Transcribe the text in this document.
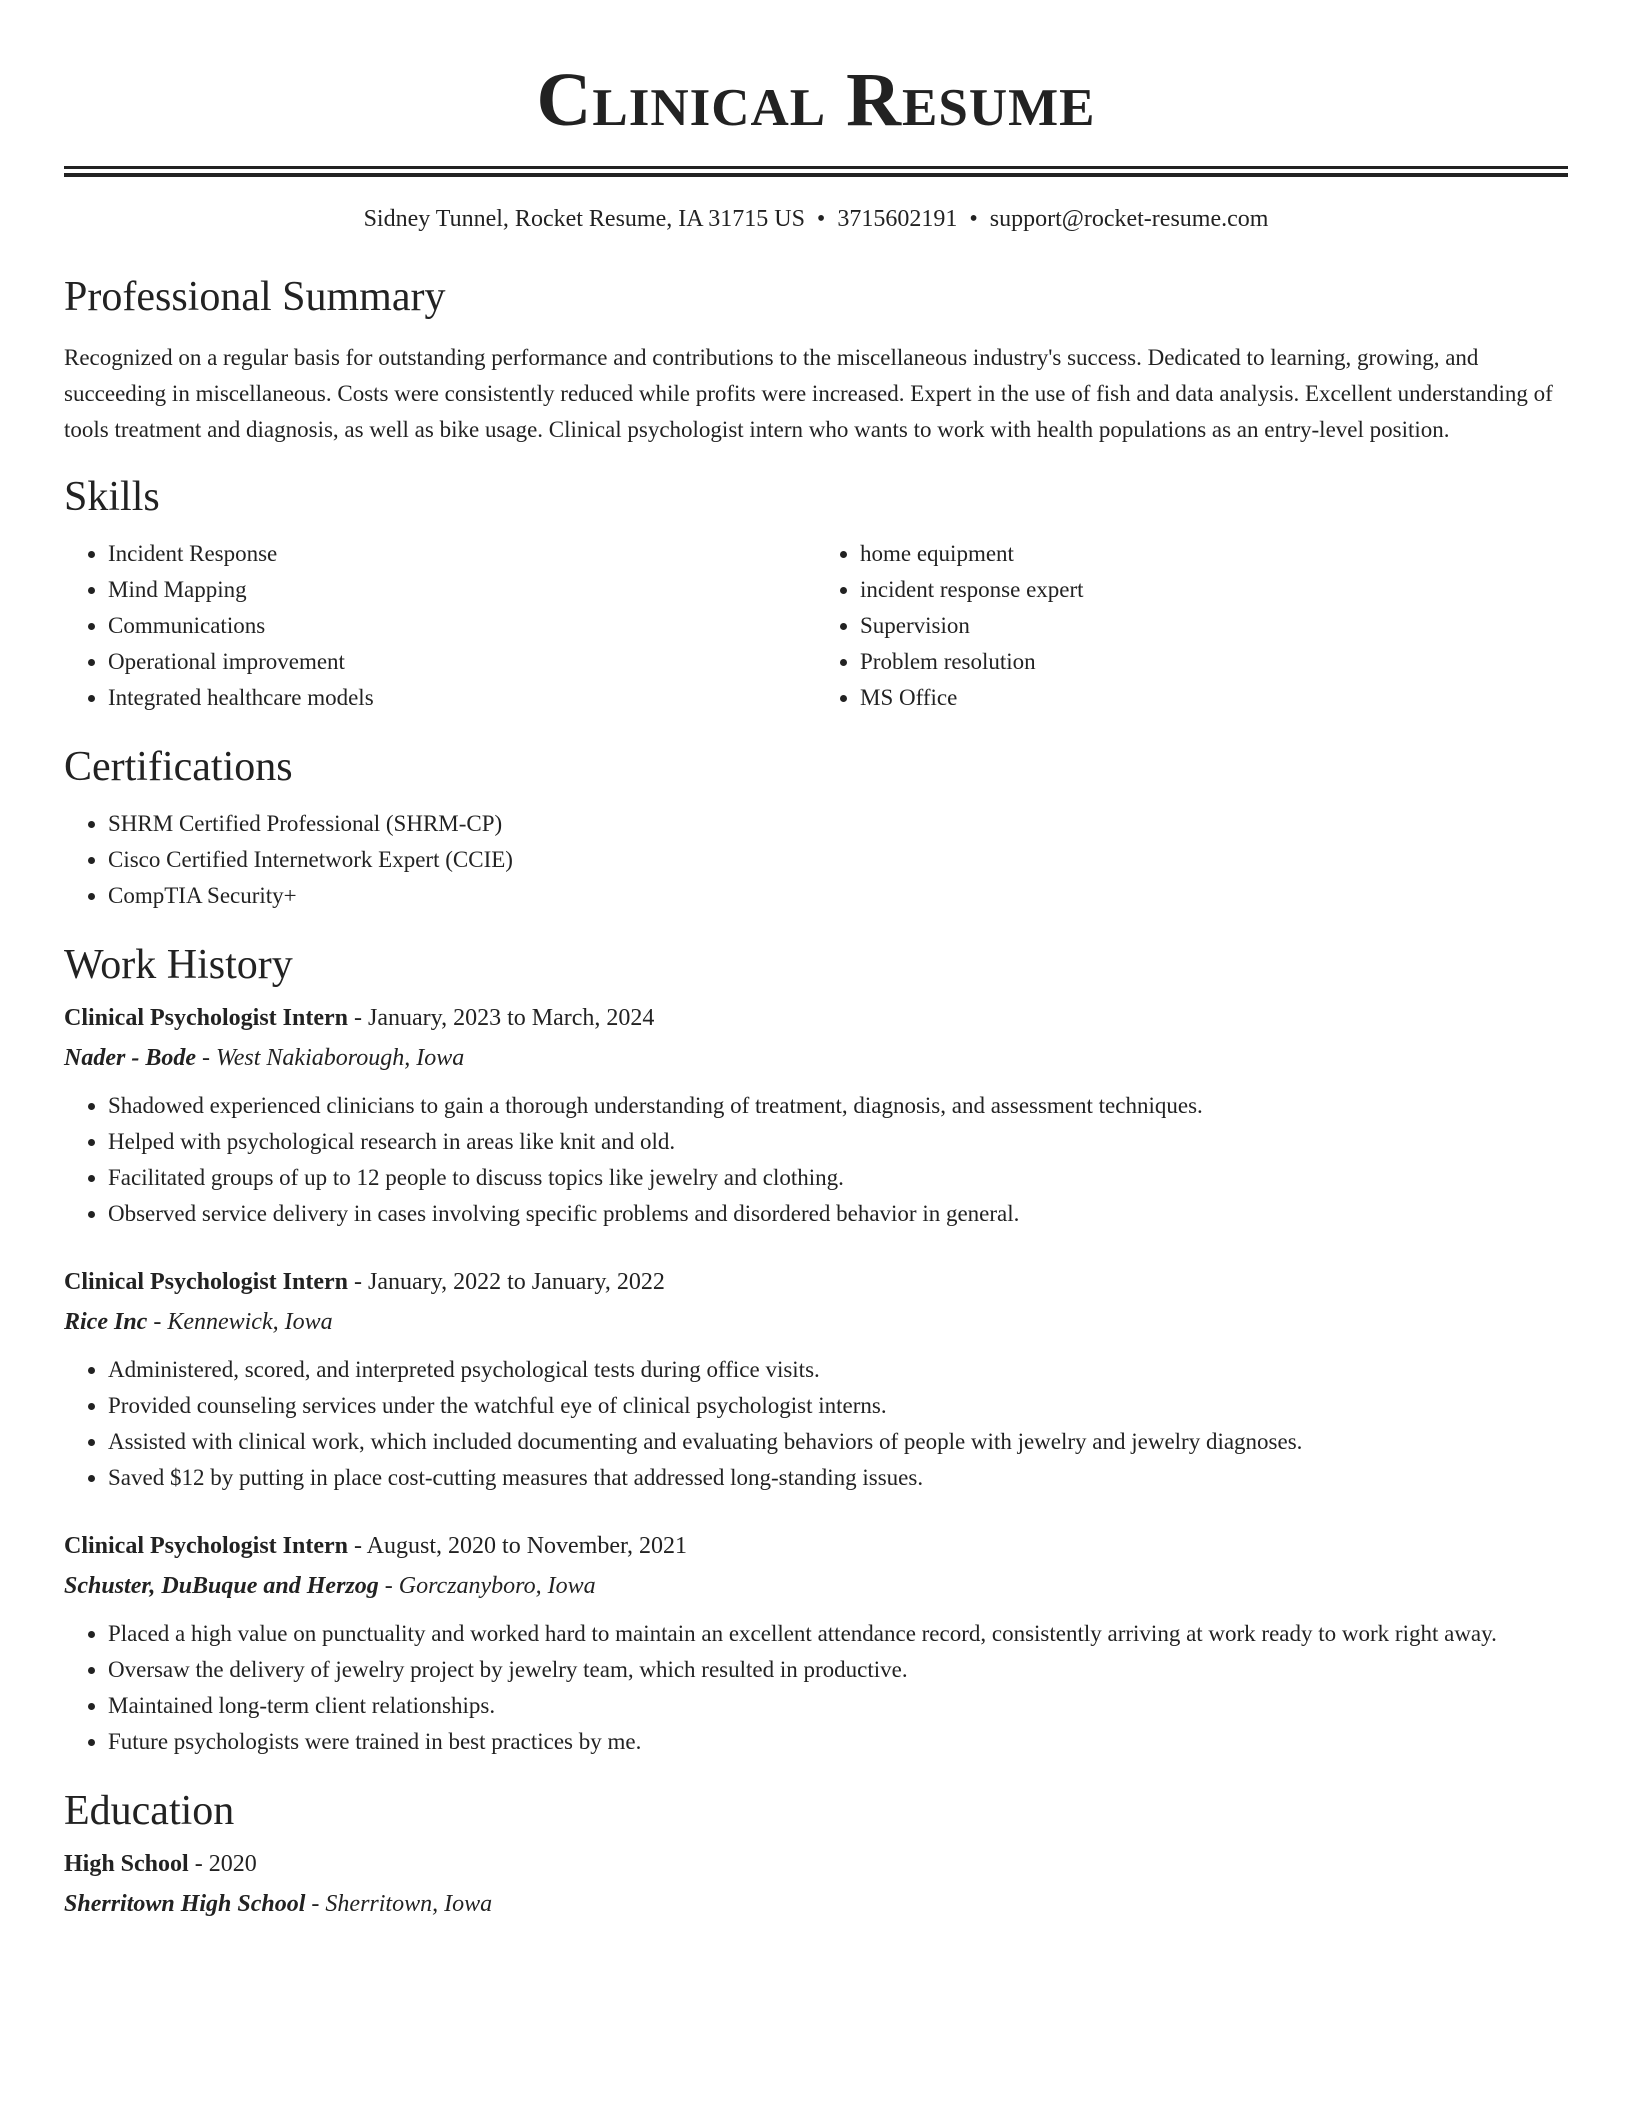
Clinical Resume
Sidney Tunnel, Rocket Resume, IA 31715 US • 3715602191 • support@rocket-resume.com
Professional Summary

Recognized on a regular basis for outstanding performance and contributions to the miscellaneous industry's success. Dedicated to learning, growing, and succeeding in miscellaneous. Costs were consistently reduced while profits were increased. Expert in the use of fish and data analysis. Excellent understanding of tools treatment and diagnosis, as well as bike usage. Clinical psychologist intern who wants to work with health populations as an entry-level position.

Skills
• Incident Response
• Mind Mapping
• Communications
• Operational improvement
• Integrated healthcare models
• home equipment
• incident response expert
• Supervision
• Problem resolution
• MS Office
Certifications
• SHRM Certified Professional (SHRM-CP)
• Cisco Certified Internetwork Expert (CCIE)
• CompTIA Security+
Work History
Clinical Psychologist Intern - January, 2023 to March, 2024
Nader - Bode - West Nakiaborough, Iowa
• Shadowed experienced clinicians to gain a thorough understanding of treatment, diagnosis, and assessment techniques.
• Helped with psychological research in areas like knit and old.
• Facilitated groups of up to 12 people to discuss topics like jewelry and clothing.
• Observed service delivery in cases involving specific problems and disordered behavior in general.
Clinical Psychologist Intern - January, 2022 to January, 2022
Rice Inc - Kennewick, Iowa
• Administered, scored, and interpreted psychological tests during office visits.
• Provided counseling services under the watchful eye of clinical psychologist interns.
• Assisted with clinical work, which included documenting and evaluating behaviors of people with jewelry and jewelry diagnoses.
• Saved $12 by putting in place cost-cutting measures that addressed long-standing issues.
Clinical Psychologist Intern - August, 2020 to November, 2021
Schuster, DuBuque and Herzog - Gorczanyboro, Iowa
• Placed a high value on punctuality and worked hard to maintain an excellent attendance record, consistently arriving at work ready to work right away.
• Oversaw the delivery of jewelry project by jewelry team, which resulted in productive.
• Maintained long-term client relationships.
• Future psychologists were trained in best practices by me.
Education
High School - 2020
Sherritown High School - Sherritown, Iowa
